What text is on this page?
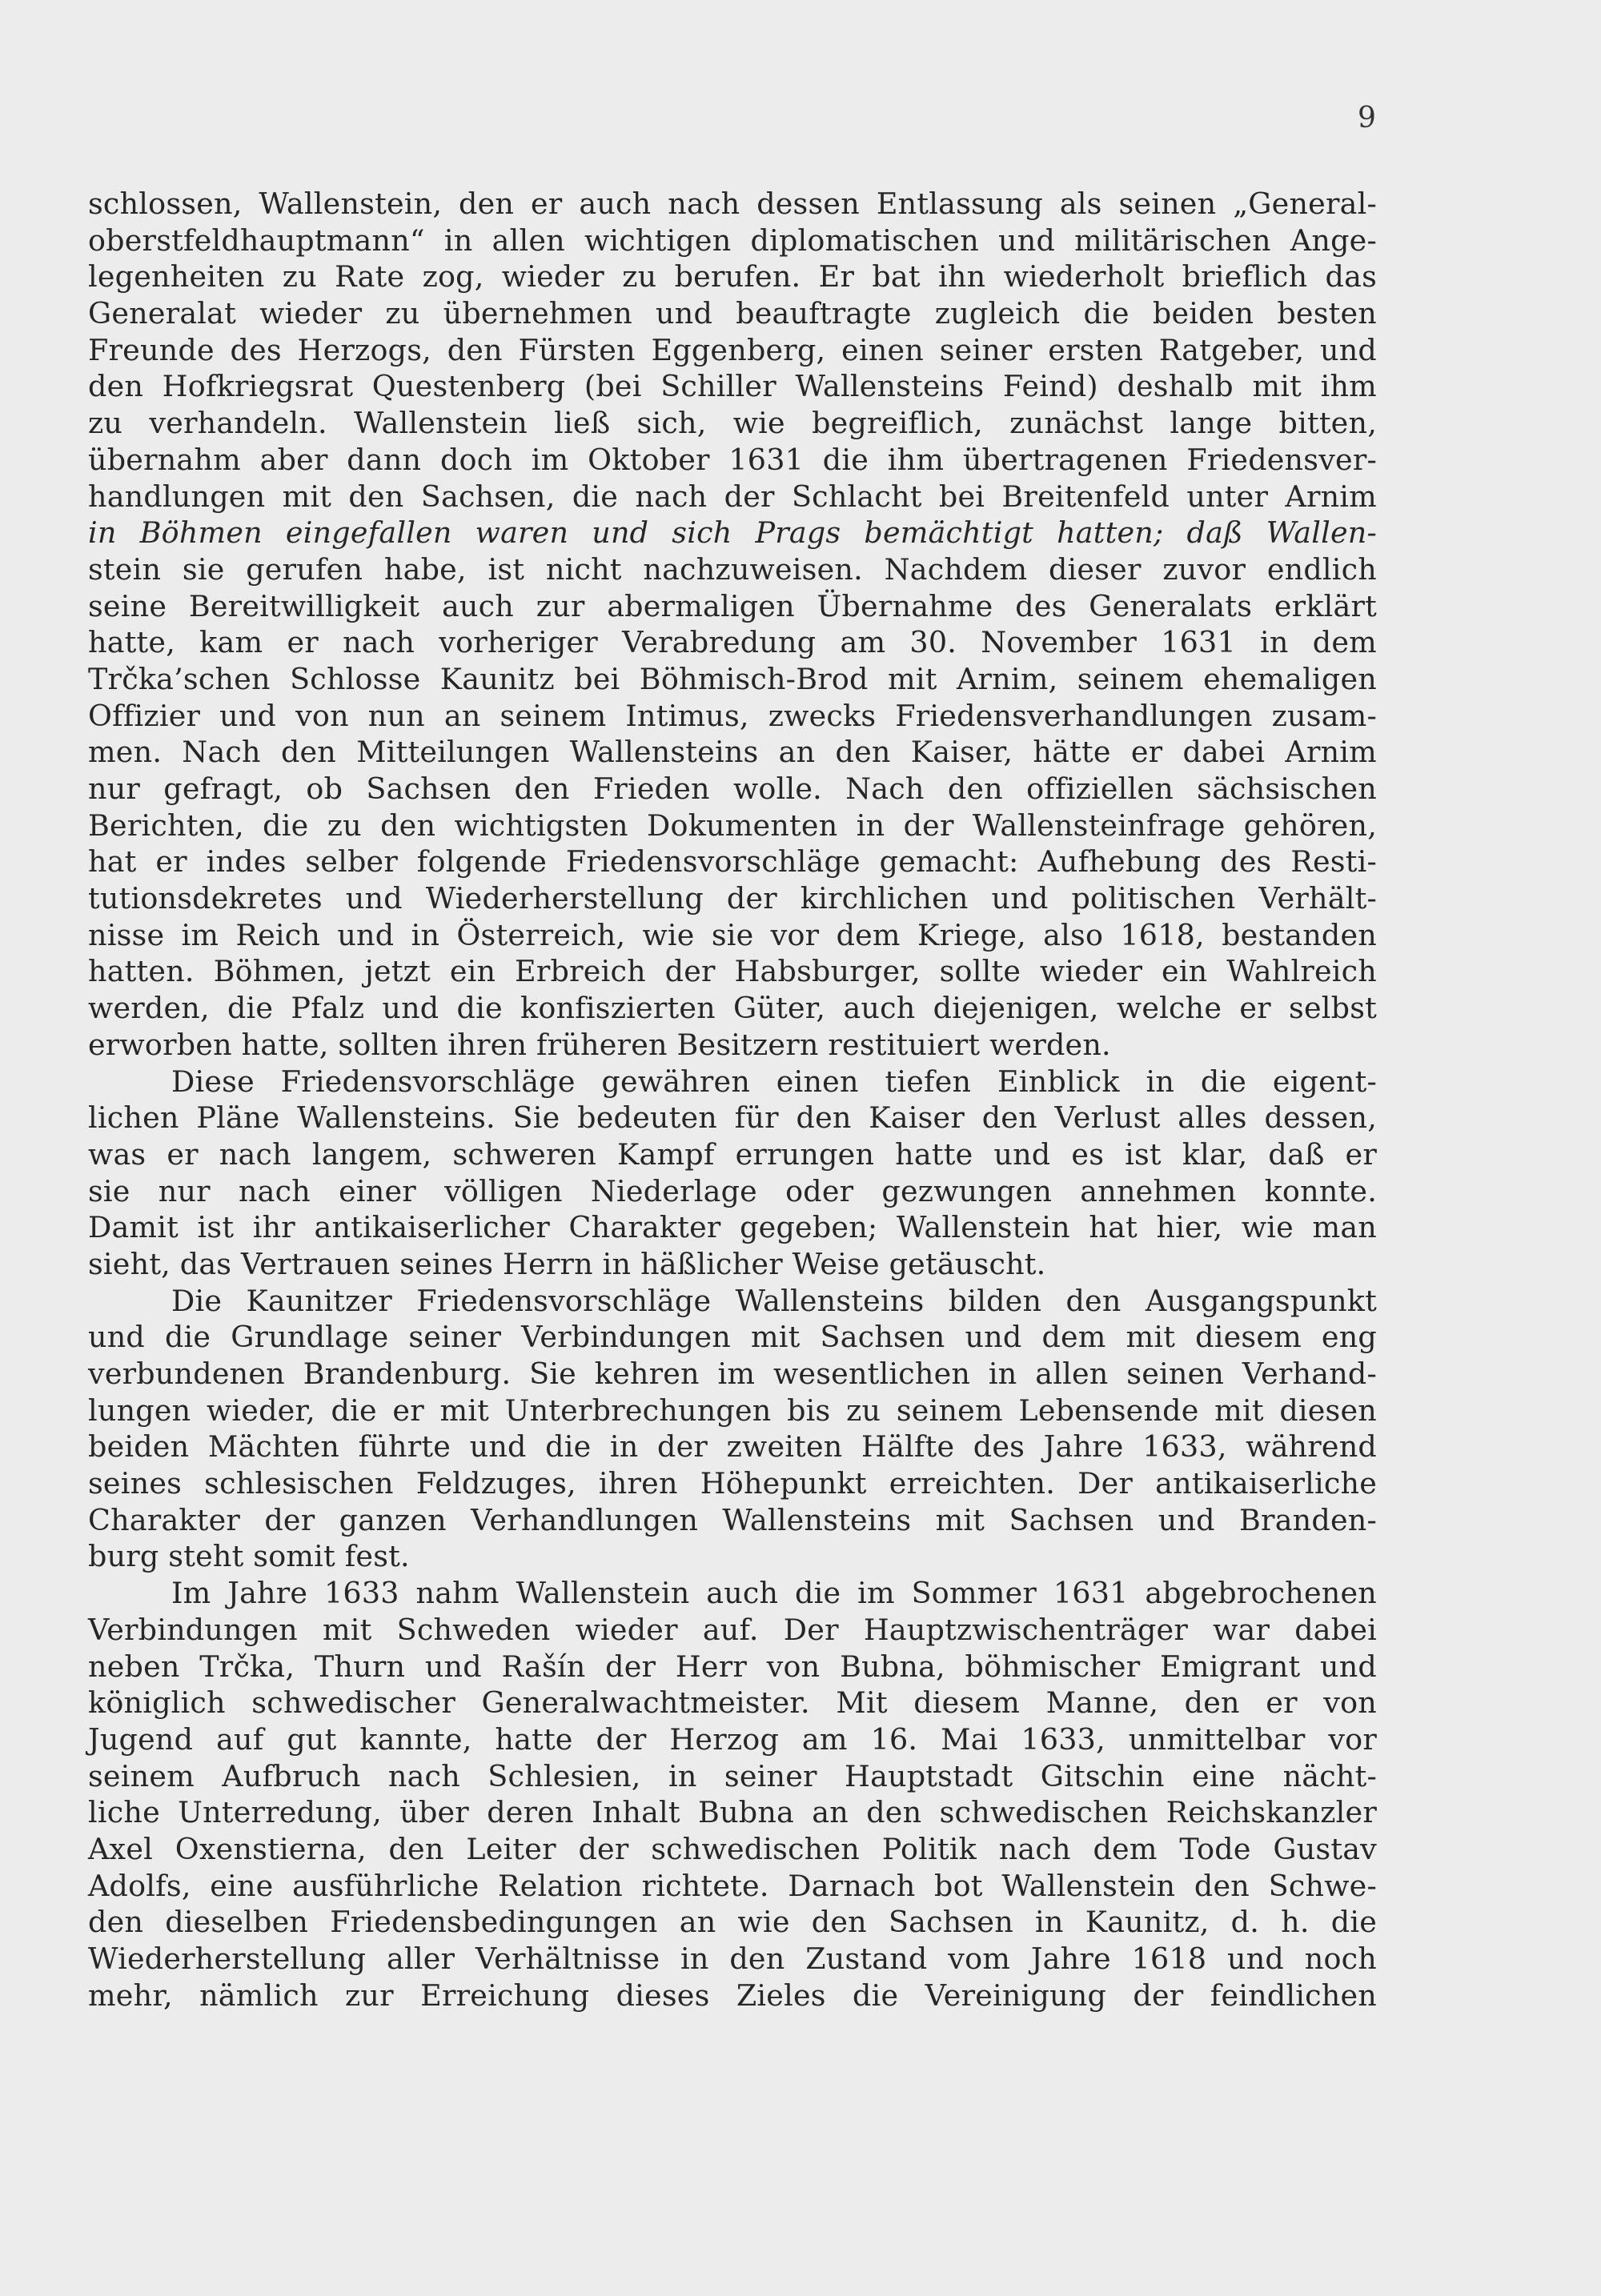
9
schlossen, Wallenstein, den er auch nach dessen Entlassung als seinen „General-
oberstfeldhauptmann“ in allen wichtigen diplomatischen und militärischen Ange-
legenheiten zu Rate zog, wieder zu berufen. Er bat ihn wiederholt brieflich das
Generalat wieder zu übernehmen und beauftragte zugleich die beiden besten
Freunde des Herzogs, den Fürsten Eggenberg, einen seiner ersten Ratgeber, und
den Hofkriegsrat Questenberg (bei Schiller Wallensteins Feind) deshalb mit ihm
zu verhandeln. Wallenstein ließ sich, wie begreiflich, zunächst lange bitten,
übernahm aber dann doch im Oktober 1631 die ihm übertragenen Friedensver-
handlungen mit den Sachsen, die nach der Schlacht bei Breitenfeld unter Arnim
in Böhmen eingefallen waren und sich Prags bemächtigt hatten; daß Wallen-
stein sie gerufen habe, ist nicht nachzuweisen. Nachdem dieser zuvor endlich
seine Bereitwilligkeit auch zur abermaligen Übernahme des Generalats erklärt
hatte, kam er nach vorheriger Verabredung am 30. November 1631 in dem
Trčka’schen Schlosse Kaunitz bei Böhmisch-Brod mit Arnim, seinem ehemaligen
Offizier und von nun an seinem Intimus, zwecks Friedensverhandlungen zusam-
men. Nach den Mitteilungen Wallensteins an den Kaiser, hätte er dabei Arnim
nur gefragt, ob Sachsen den Frieden wolle. Nach den offiziellen sächsischen
Berichten, die zu den wichtigsten Dokumenten in der Wallensteinfrage gehören,
hat er indes selber folgende Friedensvorschläge gemacht: Aufhebung des Resti-
tutionsdekretes und Wiederherstellung der kirchlichen und politischen Verhält-
nisse im Reich und in Österreich, wie sie vor dem Kriege, also 1618, bestanden
hatten. Böhmen, jetzt ein Erbreich der Habsburger, sollte wieder ein Wahlreich
werden, die Pfalz und die konfiszierten Güter, auch diejenigen, welche er selbst
erworben hatte, sollten ihren früheren Besitzern restituiert werden.
Diese Friedensvorschläge gewähren einen tiefen Einblick in die eigent-
lichen Pläne Wallensteins. Sie bedeuten für den Kaiser den Verlust alles dessen,
was er nach langem, schweren Kampf errungen hatte und es ist klar, daß er
sie nur nach einer völligen Niederlage oder gezwungen annehmen konnte.
Damit ist ihr antikaiserlicher Charakter gegeben; Wallenstein hat hier, wie man
sieht, das Vertrauen seines Herrn in häßlicher Weise getäuscht.
Die Kaunitzer Friedensvorschläge Wallensteins bilden den Ausgangspunkt
und die Grundlage seiner Verbindungen mit Sachsen und dem mit diesem eng
verbundenen Brandenburg. Sie kehren im wesentlichen in allen seinen Verhand-
lungen wieder, die er mit Unterbrechungen bis zu seinem Lebensende mit diesen
beiden Mächten führte und die in der zweiten Hälfte des Jahre 1633, während
seines schlesischen Feldzuges, ihren Höhepunkt erreichten. Der antikaiserliche
Charakter der ganzen Verhandlungen Wallensteins mit Sachsen und Branden-
burg steht somit fest.
Im Jahre 1633 nahm Wallenstein auch die im Sommer 1631 abgebrochenen
Verbindungen mit Schweden wieder auf. Der Hauptzwischenträger war dabei
neben Trčka, Thurn und Rašín der Herr von Bubna, böhmischer Emigrant und
königlich schwedischer Generalwachtmeister. Mit diesem Manne, den er von
Jugend auf gut kannte, hatte der Herzog am 16. Mai 1633, unmittelbar vor
seinem Aufbruch nach Schlesien, in seiner Hauptstadt Gitschin eine nächt-
liche Unterredung, über deren Inhalt Bubna an den schwedischen Reichskanzler
Axel Oxenstierna, den Leiter der schwedischen Politik nach dem Tode Gustav
Adolfs, eine ausführliche Relation richtete. Darnach bot Wallenstein den Schwe-
den dieselben Friedensbedingungen an wie den Sachsen in Kaunitz, d. h. die
Wiederherstellung aller Verhältnisse in den Zustand vom Jahre 1618 und noch
mehr, nämlich zur Erreichung dieses Zieles die Vereinigung der feindlichen
